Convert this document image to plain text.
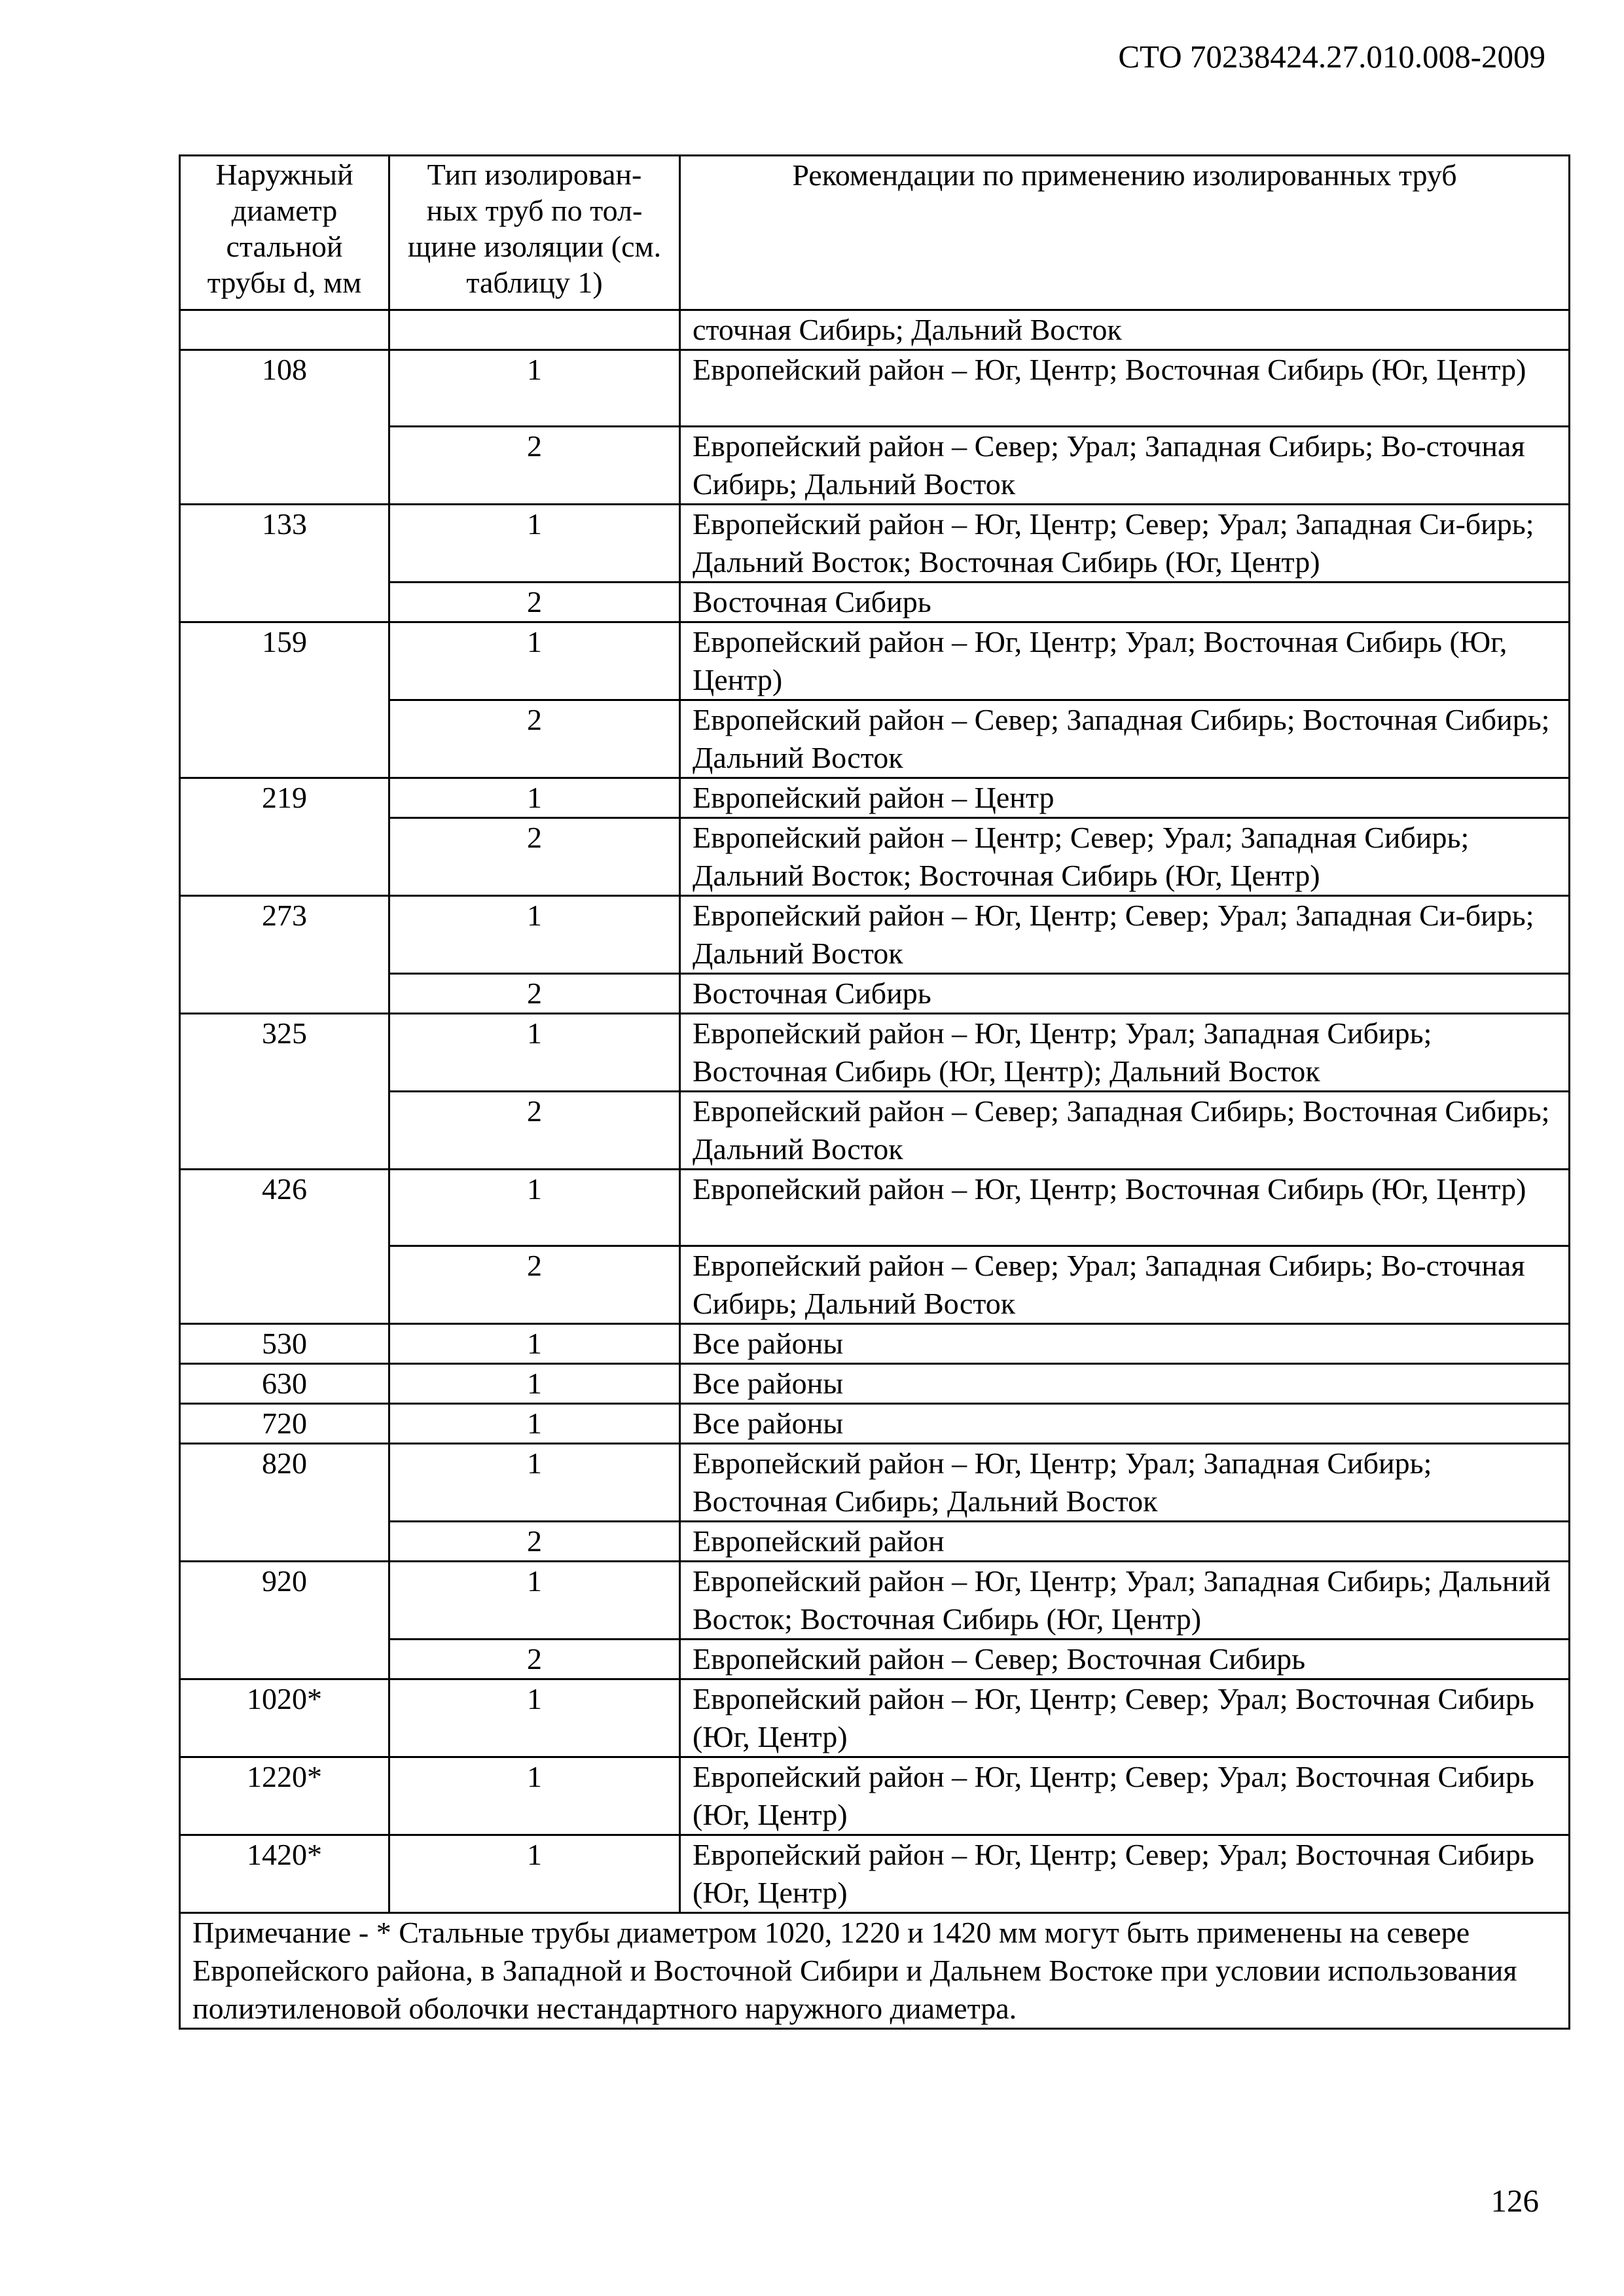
СТО 70238424.27.010.008-2009
Наружный диаметр стальной трубы d, мм	Тип изолирован-ных труб по тол-щине изоляции (см. таблицу 1)	Рекомендации по применению изолированных труб
		сточная Сибирь; Дальний Восток
108	1	Европейский район – Юг, Центр; Восточная Сибирь (Юг, Центр)
	2	Европейский район – Север; Урал; Западная Сибирь; Во-сточная Сибирь; Дальний Восток
133	1	Европейский район – Юг, Центр; Север; Урал; Западная Си-бирь; Дальний Восток; Восточная Сибирь (Юг, Центр)
	2	Восточная Сибирь
159	1	Европейский район – Юг, Центр; Урал; Восточная Сибирь (Юг, Центр)
	2	Европейский район – Север; Западная Сибирь; Восточная Сибирь; Дальний Восток
219	1	Европейский район – Центр
	2	Европейский район – Центр; Север; Урал; Западная Сибирь; Дальний Восток; Восточная Сибирь (Юг, Центр)
273	1	Европейский район – Юг, Центр; Север; Урал; Западная Си-бирь; Дальний Восток
	2	Восточная Сибирь
325	1	Европейский район – Юг, Центр; Урал; Западная Сибирь; Восточная Сибирь (Юг, Центр); Дальний Восток
	2	Европейский район – Север; Западная Сибирь; Восточная Сибирь; Дальний Восток
426	1	Европейский район – Юг, Центр; Восточная Сибирь (Юг, Центр)
	2	Европейский район – Север; Урал; Западная Сибирь; Во-сточная Сибирь; Дальний Восток
530	1	Все районы
630	1	Все районы
720	1	Все районы
820	1	Европейский район – Юг, Центр; Урал; Западная Сибирь; Восточная Сибирь; Дальний Восток
	2	Европейский район
920	1	Европейский район – Юг, Центр; Урал; Западная Сибирь; Дальний Восток; Восточная Сибирь (Юг, Центр)
	2	Европейский район – Север; Восточная Сибирь
1020*	1	Европейский район – Юг, Центр; Север; Урал; Восточная Сибирь (Юг, Центр)
1220*	1	Европейский район – Юг, Центр; Север; Урал; Восточная Сибирь (Юг, Центр)
1420*	1	Европейский район – Юг, Центр; Север; Урал; Восточная Сибирь (Юг, Центр)
Примечание - * Стальные трубы диаметром 1020, 1220 и 1420 мм могут быть применены на севере Европейского района, в Западной и Восточной Сибири и Дальнем Востоке при условии использования полиэтиленовой оболочки нестандартного наружного диаметра.		
126
